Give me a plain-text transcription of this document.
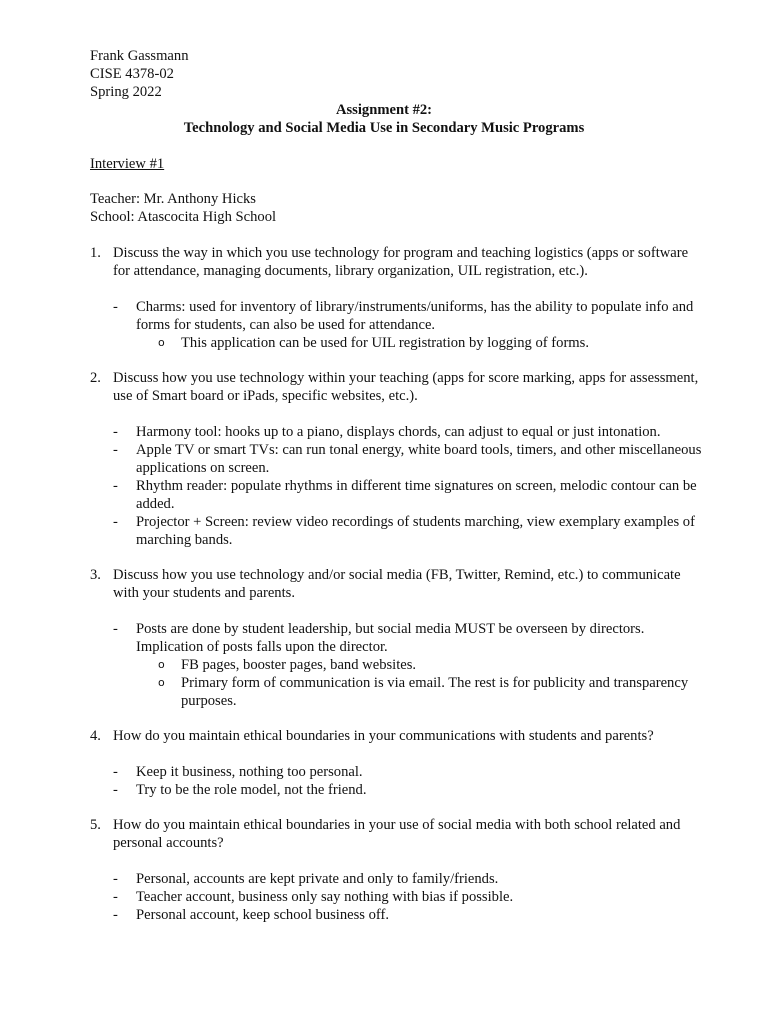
Frank Gassmann
CISE 4378-02
Spring 2022
Assignment #2:
Technology and Social Media Use in Secondary Music Programs
Interview #1
Teacher: Mr. Anthony Hicks
School: Atascocita High School
1. Discuss the way in which you use technology for program and teaching logistics (apps or software for attendance, managing documents, library organization, UIL registration, etc.).
- Charms: used for inventory of library/instruments/uniforms, has the ability to populate info and forms for students, can also be used for attendance.
o This application can be used for UIL registration by logging of forms.
2. Discuss how you use technology within your teaching (apps for score marking, apps for assessment, use of Smart board or iPads, specific websites, etc.).
- Harmony tool: hooks up to a piano, displays chords, can adjust to equal or just intonation.
- Apple TV or smart TVs: can run tonal energy, white board tools, timers, and other miscellaneous applications on screen.
- Rhythm reader: populate rhythms in different time signatures on screen, melodic contour can be added.
- Projector + Screen: review video recordings of students marching, view exemplary examples of marching bands.
3. Discuss how you use technology and/or social media (FB, Twitter, Remind, etc.) to communicate with your students and parents.
- Posts are done by student leadership, but social media MUST be overseen by directors. Implication of posts falls upon the director.
o FB pages, booster pages, band websites.
o Primary form of communication is via email. The rest is for publicity and transparency purposes.
4. How do you maintain ethical boundaries in your communications with students and parents?
- Keep it business, nothing too personal.
- Try to be the role model, not the friend.
5. How do you maintain ethical boundaries in your use of social media with both school related and personal accounts?
- Personal, accounts are kept private and only to family/friends.
- Teacher account, business only say nothing with bias if possible.
- Personal account, keep school business off.
